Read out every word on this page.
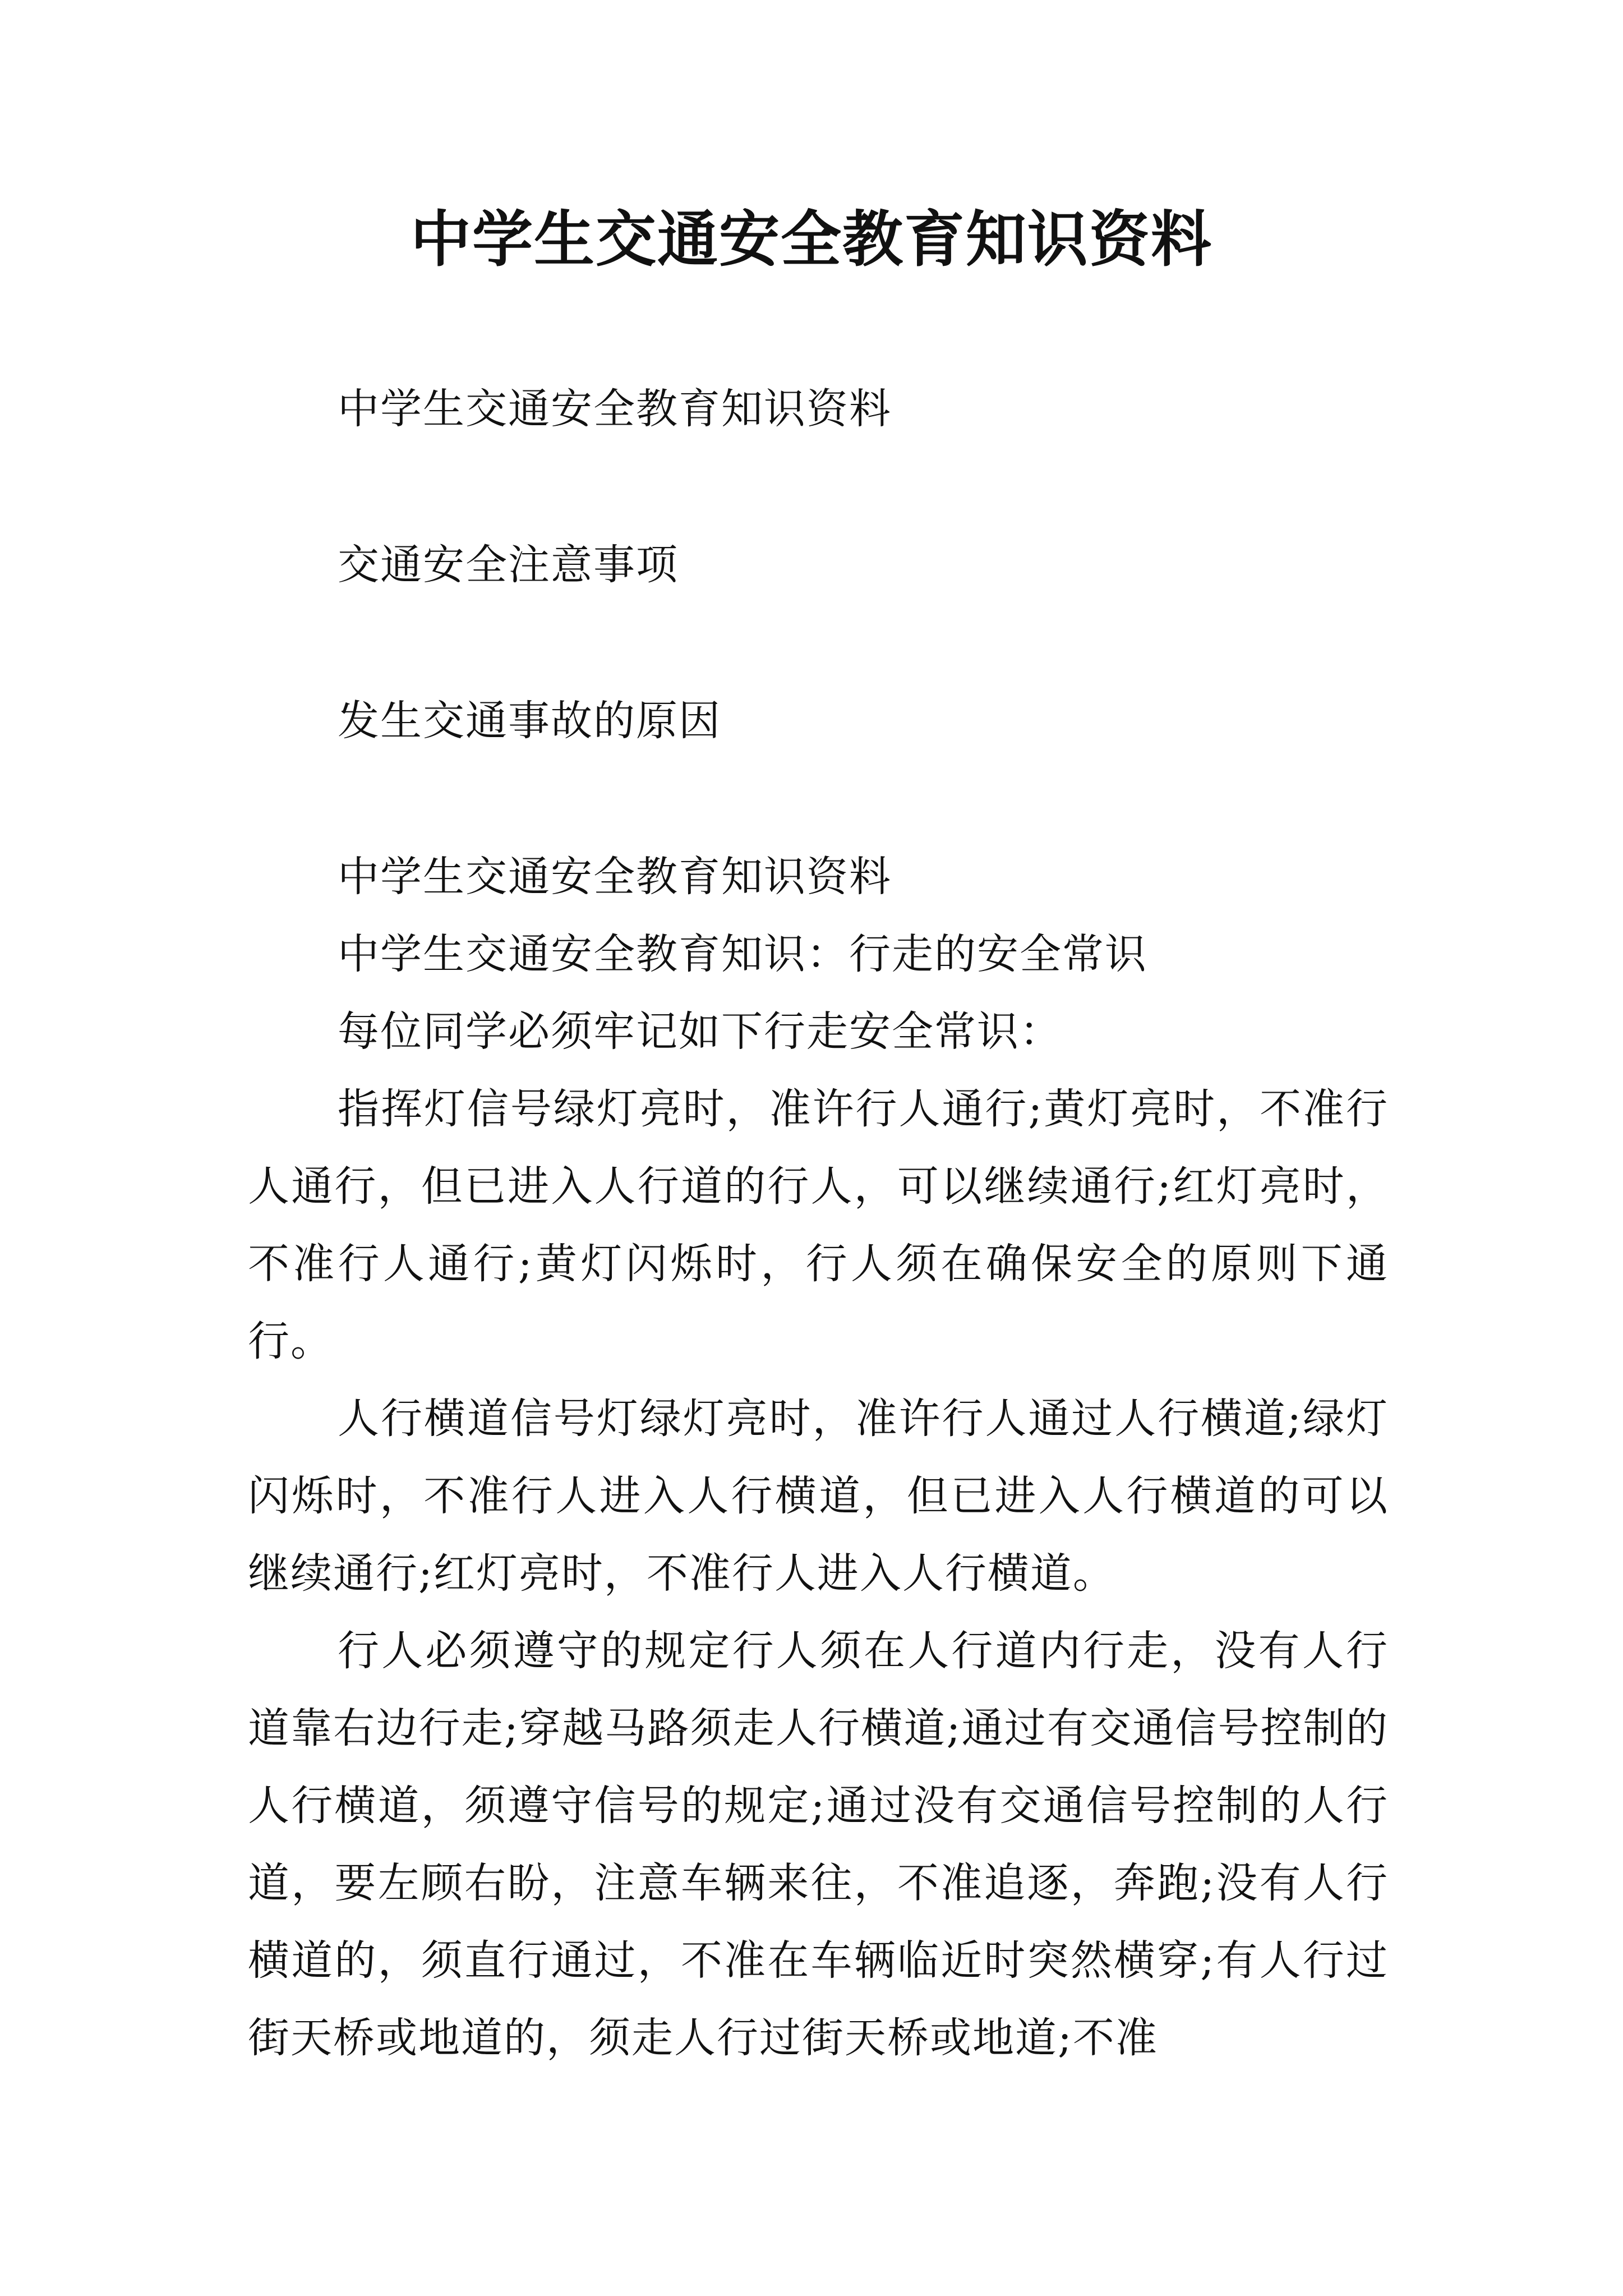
中学生交通安全教育知识资料

中学生交通安全教育知识资料

交通安全注意事项

发生交通事故的原因

中学生交通安全教育知识资料

中学生交通安全教育知识：行走的安全常识

每位同学必须牢记如下行走安全常识：

指挥灯信号绿灯亮时，准许行人通行;黄灯亮时，不准行人通行，但已进入人行道的行人，可以继续通行;红灯亮时，不准行人通行;黄灯闪烁时，行人须在确保安全的原则下通行。

人行横道信号灯绿灯亮时，准许行人通过人行横道;绿灯闪烁时，不准行人进入人行横道，但已进入人行横道的可以继续通行;红灯亮时，不准行人进入人行横道。

行人必须遵守的规定行人须在人行道内行走，没有人行道靠右边行走;穿越马路须走人行横道;通过有交通信号控制的人行横道，须遵守信号的规定;通过没有交通信号控制的人行道，要左顾右盼，注意车辆来往，不准追逐，奔跑;没有人行横道的，须直行通过，不准在车辆临近时突然横穿;有人行过街天桥或地道的，须走人行过街天桥或地道;不准
